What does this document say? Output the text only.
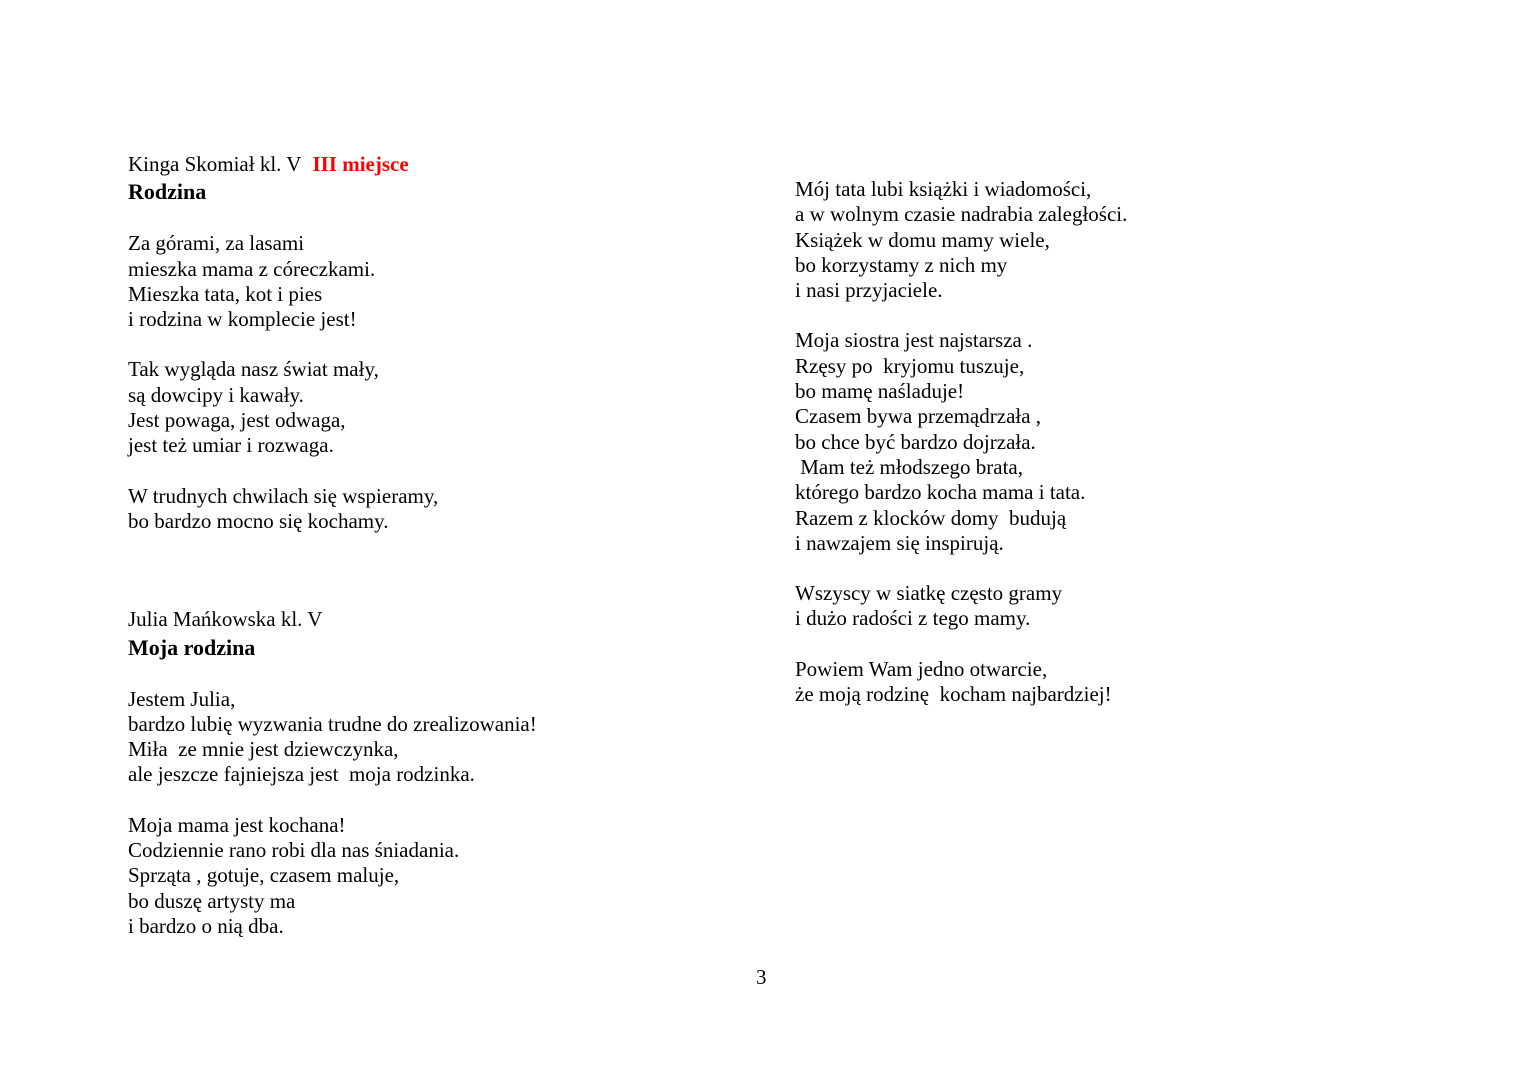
Kinga Skomiał kl. V III miejsce
Rodzina
Za górami, za lasami
mieszka mama z córeczkami.
Mieszka tata, kot i pies
i rodzina w komplecie jest!
Tak wygląda nasz świat mały,
są dowcipy i kawały.
Jest powaga, jest odwaga,
jest też umiar i rozwaga.
W trudnych chwilach się wspieramy,
bo bardzo mocno się kochamy.
Julia Mańkowska kl. V
Moja rodzina
Jestem Julia,
bardzo lubię wyzwania trudne do zrealizowania!
Miła  ze mnie jest dziewczynka,
ale jeszcze fajniejsza jest  moja rodzinka.
Moja mama jest kochana!
Codziennie rano robi dla nas śniadania.
Sprząta , gotuje, czasem maluje,
bo duszę artysty ma
i bardzo o nią dba.
Mój tata lubi książki i wiadomości,
a w wolnym czasie nadrabia zaległości.
Książek w domu mamy wiele,
bo korzystamy z nich my
i nasi przyjaciele.
Moja siostra jest najstarsza .
Rzęsy po  kryjomu tuszuje,
bo mamę naśladuje!
Czasem bywa przemądrzała ,
bo chce być bardzo dojrzała.
Mam też młodszego brata,
którego bardzo kocha mama i tata.
Razem z klocków domy  budują
i nawzajem się inspirują.
Wszyscy w siatkę często gramy
i dużo radości z tego mamy.
Powiem Wam jedno otwarcie,
że moją rodzinę  kocham najbardziej!
3
